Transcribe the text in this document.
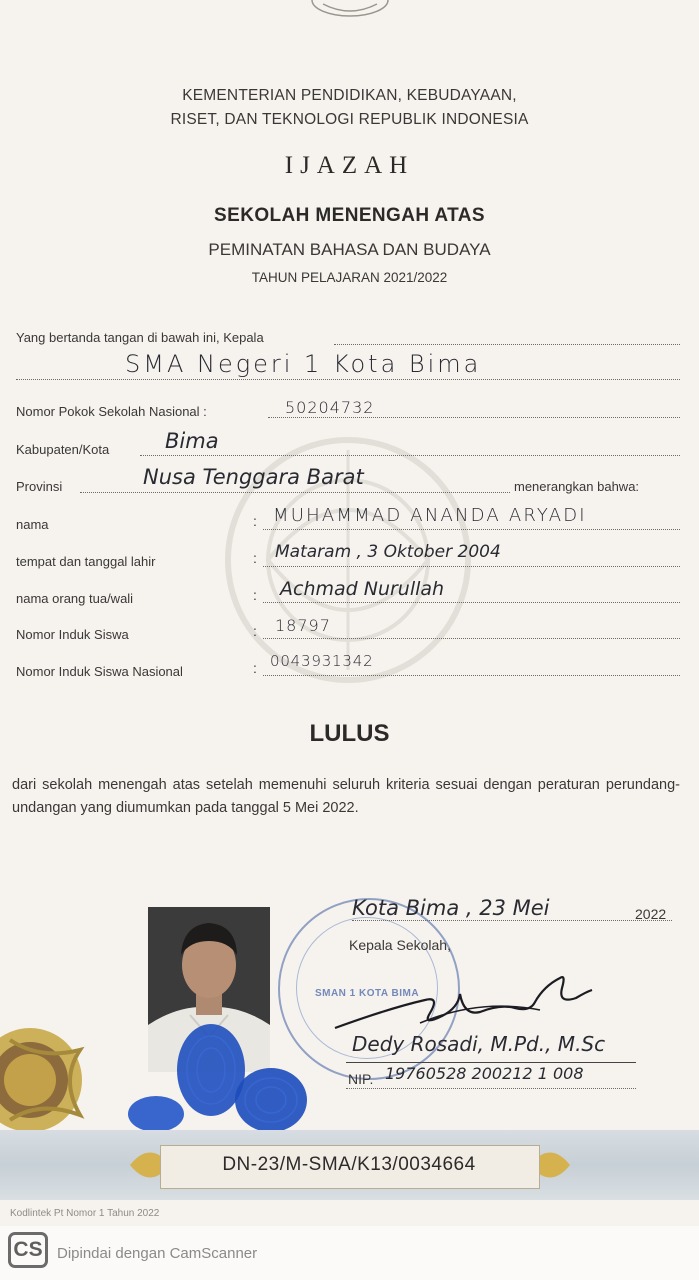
KEMENTERIAN PENDIDIKAN, KEBUDAYAAN,
RISET, DAN TEKNOLOGI REPUBLIK INDONESIA
IJAZAH
SEKOLAH MENENGAH ATAS
PEMINATAN BAHASA DAN BUDAYA
TAHUN PELAJARAN 2021/2022
Yang bertanda tangan di bawah ini, Kepala
SMA Negeri 1 Kota Bima
Nomor Pokok Sekolah Nasional :	50204732
Kabupaten/Kota	Bima
Provinsi	Nusa Tenggara Barat	menerangkan bahwa:
nama	: MUHAMMAD ANANDA ARYADI
tempat dan tanggal lahir	: Mataram , 3 Oktober 2004
nama orang tua/wali	: Achmad Nurullah
Nomor Induk Siswa	: 18797
Nomor Induk Siswa Nasional	: 0043931342
LULUS
dari sekolah menengah atas setelah memenuhi seluruh kriteria sesuai dengan peraturan perundang-undangan yang diumumkan pada tanggal 5 Mei 2022.
SMAN 1 KOTA BIMA
Kota Bima , 23 Mei	2022
Kepala Sekolah,
Dedy Rosadi, M.Pd., M.Sc
NIP. 19760528 200212 1 008
DN-23/M-SMA/K13/0034664
Kodlintek Pt Nomor 1 Tahun 2022
CS Dipindai dengan CamScanner
